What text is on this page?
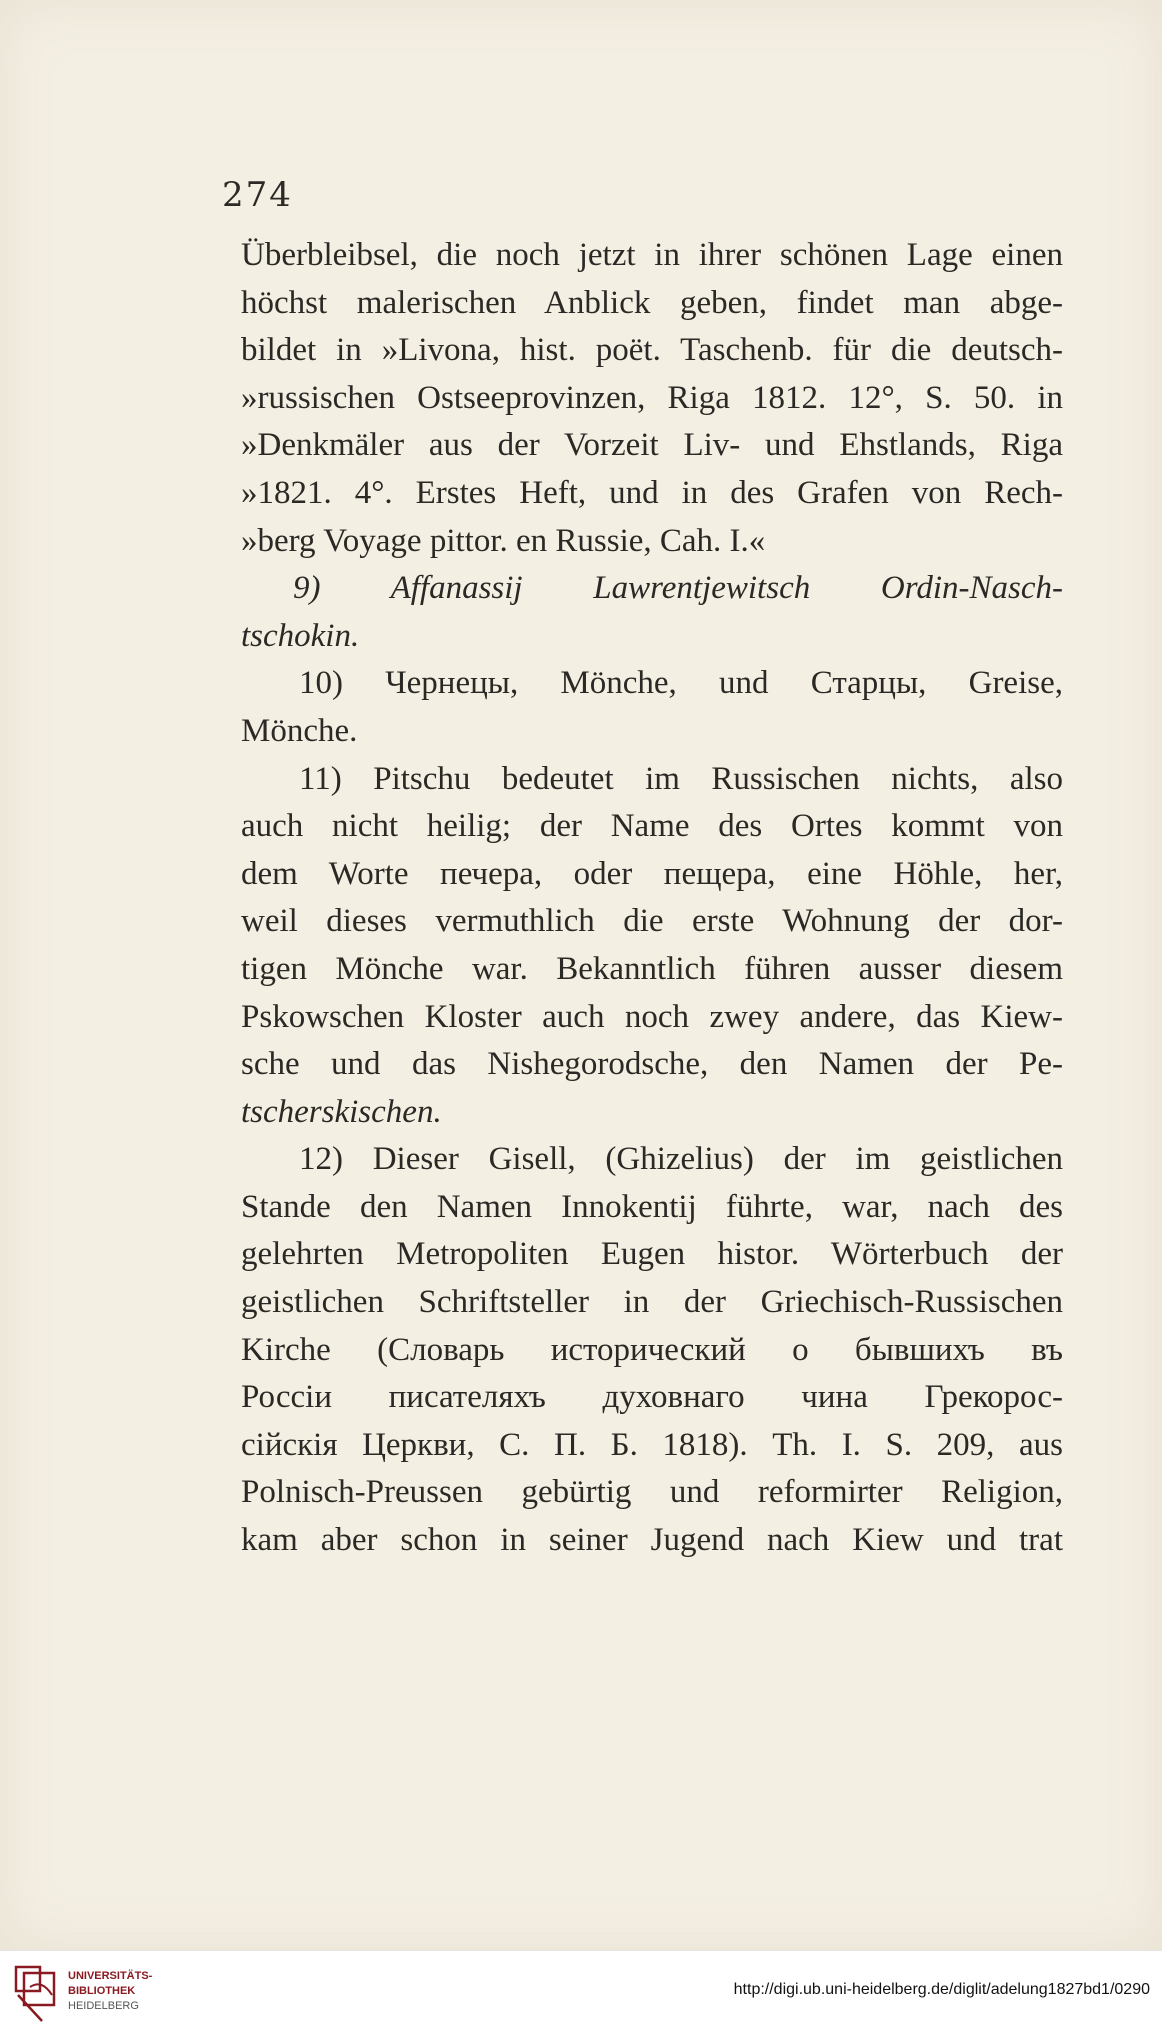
274
Überbleibsel, die noch jetzt in ihrer schönen Lage einen
höchst malerischen Anblick geben, findet man abge-
bildet in »Livona, hist. poët. Taschenb. für die deutsch-
»russischen Ostseeprovinzen, Riga 1812. 12°, S. 50. in
»Denkmäler aus der Vorzeit Liv- und Ehstlands, Riga
»1821. 4°. Erstes Heft, und in des Grafen von Rech-
»berg Voyage pittor. en Russie, Cah. I.«
9) Affanassij Lawrentjewitsch Ordin-Nasch-
tschokin.
10) Чернецы, Mönche, und Старцы, Greise,
Mönche.
11) Pitschu bedeutet im Russischen nichts, also
auch nicht heilig; der Name des Ortes kommt von
dem Worte печера, oder пещера, eine Höhle, her,
weil dieses vermuthlich die erste Wohnung der dor-
tigen Mönche war. Bekanntlich führen ausser diesem
Pskowschen Kloster auch noch zwey andere, das Kiew-
sche und das Nishegorodsche, den Namen der Pe-
tscherskischen.
12) Dieser Gisell, (Ghizelius) der im geistlichen
Stande den Namen Innokentij führte, war, nach des
gelehrten Metropoliten Eugen histor. Wörterbuch der
geistlichen Schriftsteller in der Griechisch-Russischen
Kirche (Словарь исторический о бывшихъ въ
Россіи писателяхъ духовнаго чина Грекорос-
сійскія Церкви, С. П. Б. 1818). Th. I. S. 209, aus
Polnisch-Preussen gebürtig und reformirter Religion,
kam aber schon in seiner Jugend nach Kiew und trat
UNIVERSITÄTS-
BIBLIOTHEK
HEIDELBERG
http://digi.ub.uni-heidelberg.de/diglit/adelung1827bd1/0290
